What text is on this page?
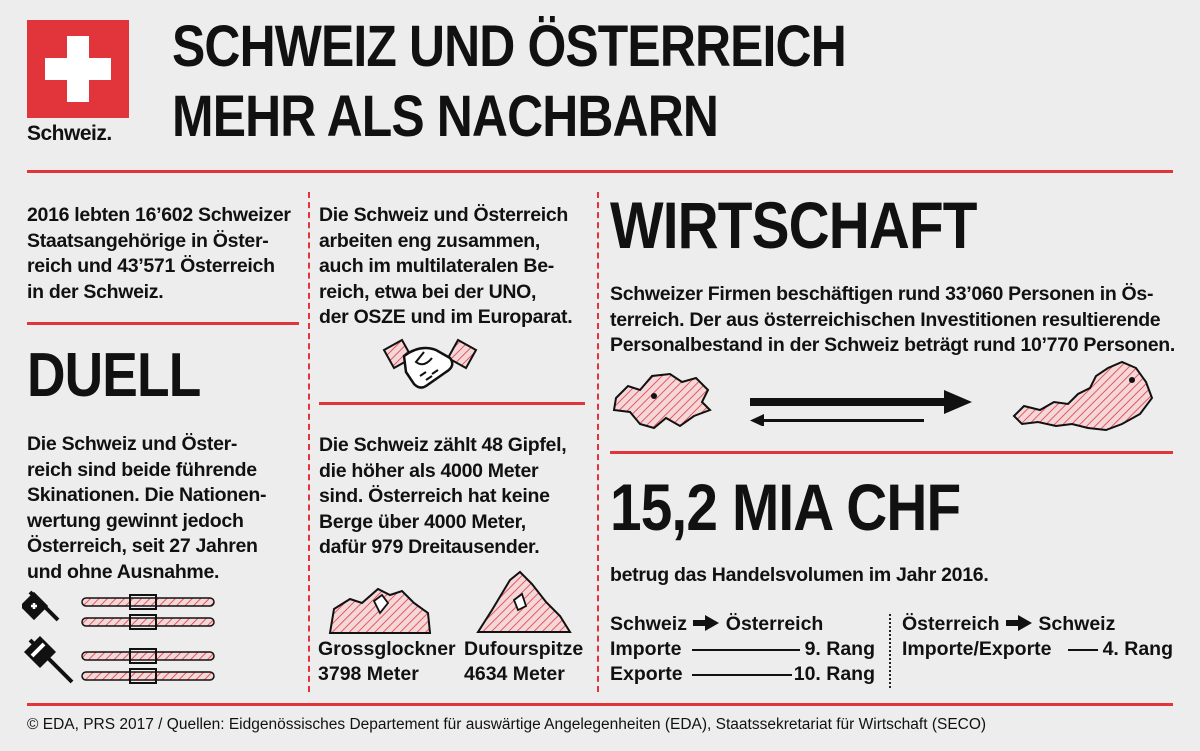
Schweiz.
SCHWEIZ UND ÖSTERREICH
MEHR ALS NACHBARN
2016 lebten 16’602 Schweizer
Staatsangehörige in Öster-
reich und 43’571 Österreich
in der Schweiz.
DUELL
Die Schweiz und Öster-
reich sind beide führende
Skinationen. Die Nationen-
wertung gewinnt jedoch
Österreich, seit 27 Jahren
und ohne Ausnahme.
Die Schweiz und Österreich
arbeiten eng zusammen,
auch im multilateralen Be-
reich, etwa bei der UNO,
der OSZE und im Europarat.
Die Schweiz zählt 48 Gipfel,
die höher als 4000 Meter
sind. Österreich hat keine
Berge über 4000 Meter,
dafür 979 Dreitausender.
Grossglockner
3798 Meter
Dufourspitze
4634 Meter
WIRTSCHAFT
Schweizer Firmen beschäftigen rund 33’060 Personen in Ös-
terreich. Der aus österreichischen Investitionen resultierende
Personalbestand in der Schweiz beträgt rund 10’770 Personen.
15,2 MIA CHF
betrug das Handelsvolumen im Jahr 2016.
Schweiz Österreich
Importe	9. Rang
Exporte	10. Rang
Österreich Schweiz
Importe/Exporte	4. Rang
© EDA, PRS 2017 / Quellen: Eidgenössisches Departement für auswärtige Angelegenheiten (EDA), Staatssekretariat für Wirtschaft (SECO)
